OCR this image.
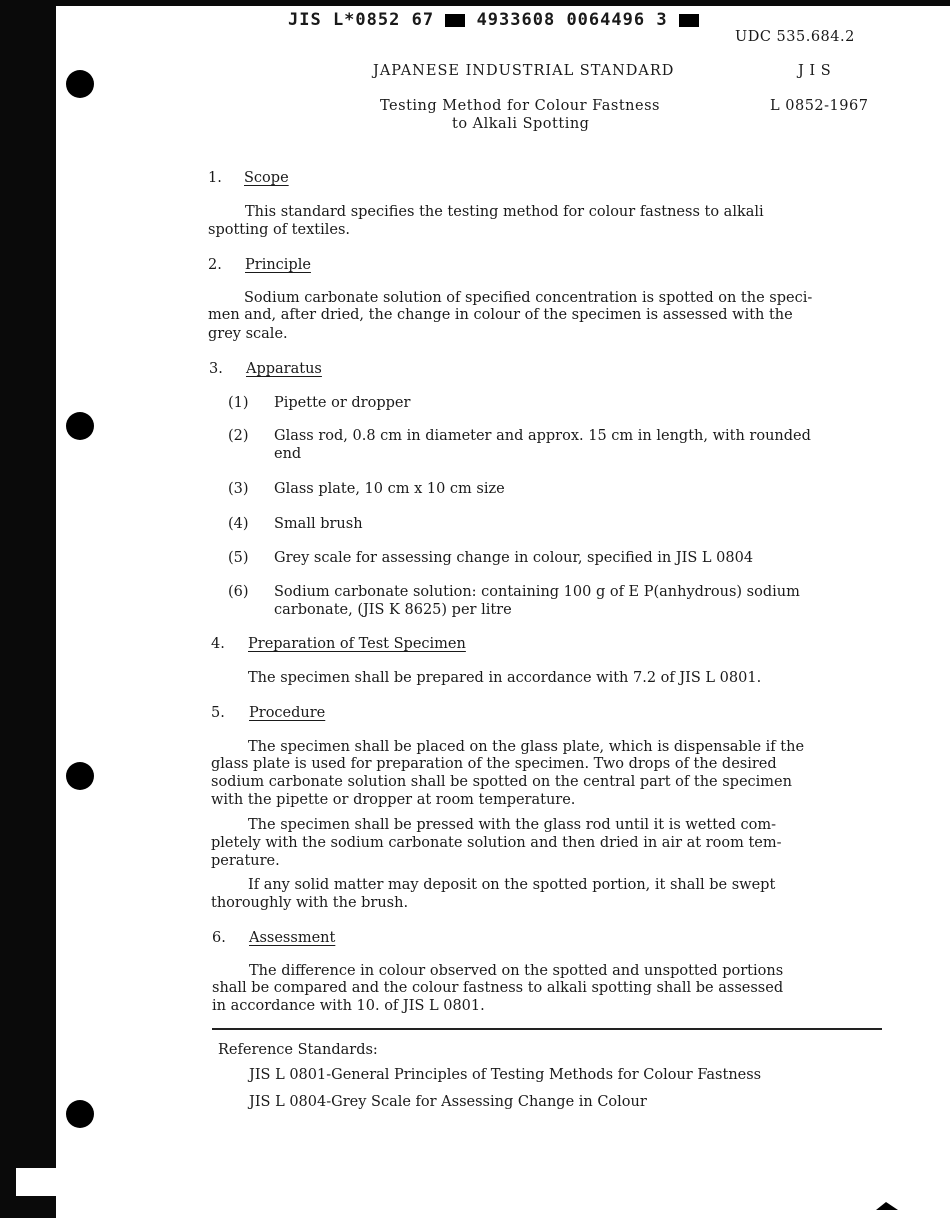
JIS L*0852 67	4933608 0064496 3
UDC 535.684.2
JAPANESE INDUSTRIAL STANDARD	J I S
Testing Method for Colour Fastness
to Alkali Spotting
L 0852-1967
1. Scope
This standard specifies the testing method for colour fastness to alkali
spotting of textiles.
2. Principle
Sodium carbonate solution of specified concentration is spotted on the speci-
men and, after dried, the change in colour of the specimen is assessed with the
grey scale.
3. Apparatus
(1) Pipette or dropper
(2) Glass rod, 0.8 cm in diameter and approx. 15 cm in length, with rounded
end
(3) Glass plate, 10 cm x 10 cm size
(4) Small brush
(5) Grey scale for assessing change in colour, specified in JIS L 0804
(6) Sodium carbonate solution: containing 100 g of E P(anhydrous) sodium
carbonate, (JIS K 8625) per litre
4. Preparation of Test Specimen
The specimen shall be prepared in accordance with 7.2 of JIS L 0801.
5. Procedure
The specimen shall be placed on the glass plate, which is dispensable if the
glass plate is used for preparation of the specimen. Two drops of the desired
sodium carbonate solution shall be spotted on the central part of the specimen
with the pipette or dropper at room temperature.
The specimen shall be pressed with the glass rod until it is wetted com-
pletely with the sodium carbonate solution and then dried in air at room tem-
perature.
If any solid matter may deposit on the spotted portion, it shall be swept
thoroughly with the brush.
6. Assessment
The difference in colour observed on the spotted and unspotted portions
shall be compared and the colour fastness to alkali spotting shall be assessed
in accordance with 10. of JIS L 0801.
Reference Standards:
JIS L 0801-General Principles of Testing Methods for Colour Fastness
JIS L 0804-Grey Scale for Assessing Change in Colour
